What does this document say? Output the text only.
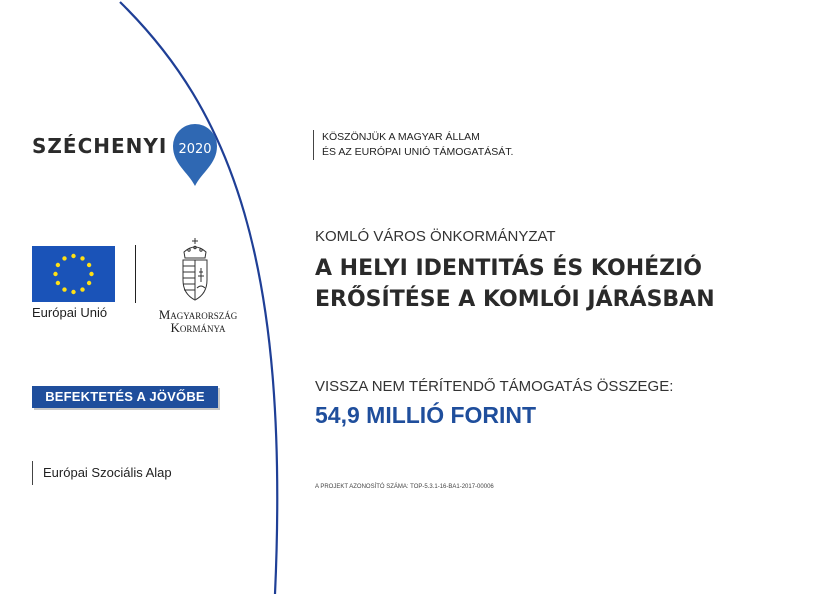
SZÉCHENYI 2020
Európai Unió	Magyarország
Kormánya
BEFEKTETÉS A JÖVŐBE
Európai Szociális Alap
KÖSZÖNJÜK A MAGYAR ÁLLAM
ÉS AZ EURÓPAI UNIÓ TÁMOGATÁSÁT.
KOMLÓ VÁROS ÖNKORMÁNYZAT
A HELYI IDENTITÁS ÉS KOHÉZIÓ
ERŐSÍTÉSE A KOMLÓI JÁRÁSBAN
VISSZA NEM TÉRÍTENDŐ TÁMOGATÁS ÖSSZEGE:
54,9 MILLIÓ FORINT
A PROJEKT AZONOSÍTÓ SZÁMA: TOP-5.3.1-16-BA1-2017-00006
